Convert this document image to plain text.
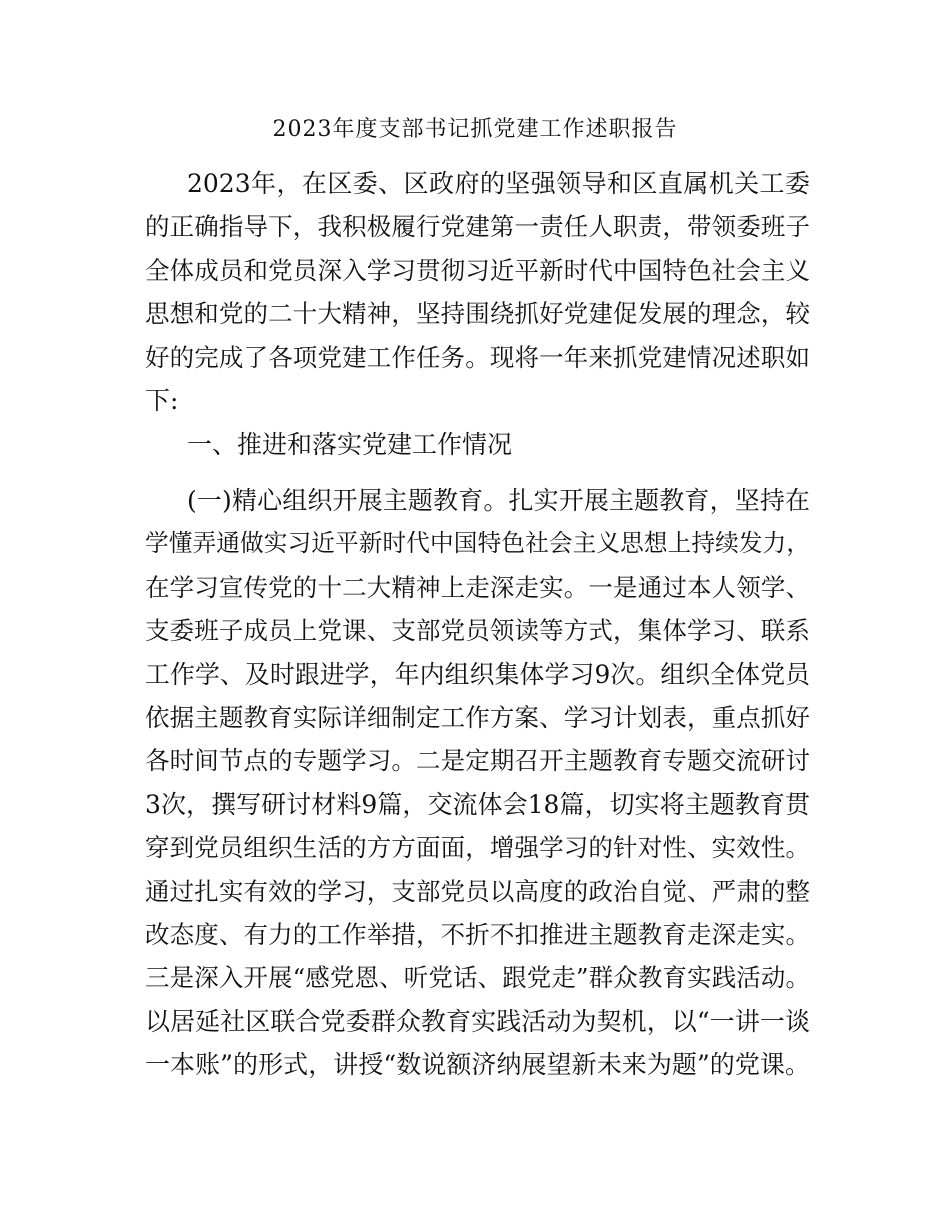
2023年度支部书记抓党建工作述职报告
2023年，在区委、区政府的坚强领导和区直属机关工委
的正确指导下，我积极履行党建第一责任人职责，带领委班子
全体成员和党员深入学习贯彻习近平新时代中国特色社会主义
思想和党的二十大精神，坚持围绕抓好党建促发展的理念，较
好的完成了各项党建工作任务。现将一年来抓党建情况述职如
下:
一、推进和落实党建工作情况
(一)精心组织开展主题教育。扎实开展主题教育，坚持在
学懂弄通做实习近平新时代中国特色社会主义思想上持续发力，
在学习宣传党的十二大精神上走深走实。一是通过本人领学、
支委班子成员上党课、支部党员领读等方式，集体学习、联系
工作学、及时跟进学，年内组织集体学习9次。组织全体党员
依据主题教育实际详细制定工作方案、学习计划表，重点抓好
各时间节点的专题学习。二是定期召开主题教育专题交流研讨
3次，撰写研讨材料9篇，交流体会18篇，切实将主题教育贯
穿到党员组织生活的方方面面，增强学习的针对性、实效性。
通过扎实有效的学习，支部党员以高度的政治自觉、严肃的整
改态度、有力的工作举措，不折不扣推进主题教育走深走实。
三是深入开展“感党恩、听党话、跟党走”群众教育实践活动。
以居延社区联合党委群众教育实践活动为契机，以“一讲一谈
一本账”的形式，讲授“数说额济纳展望新未来为题”的党课。
